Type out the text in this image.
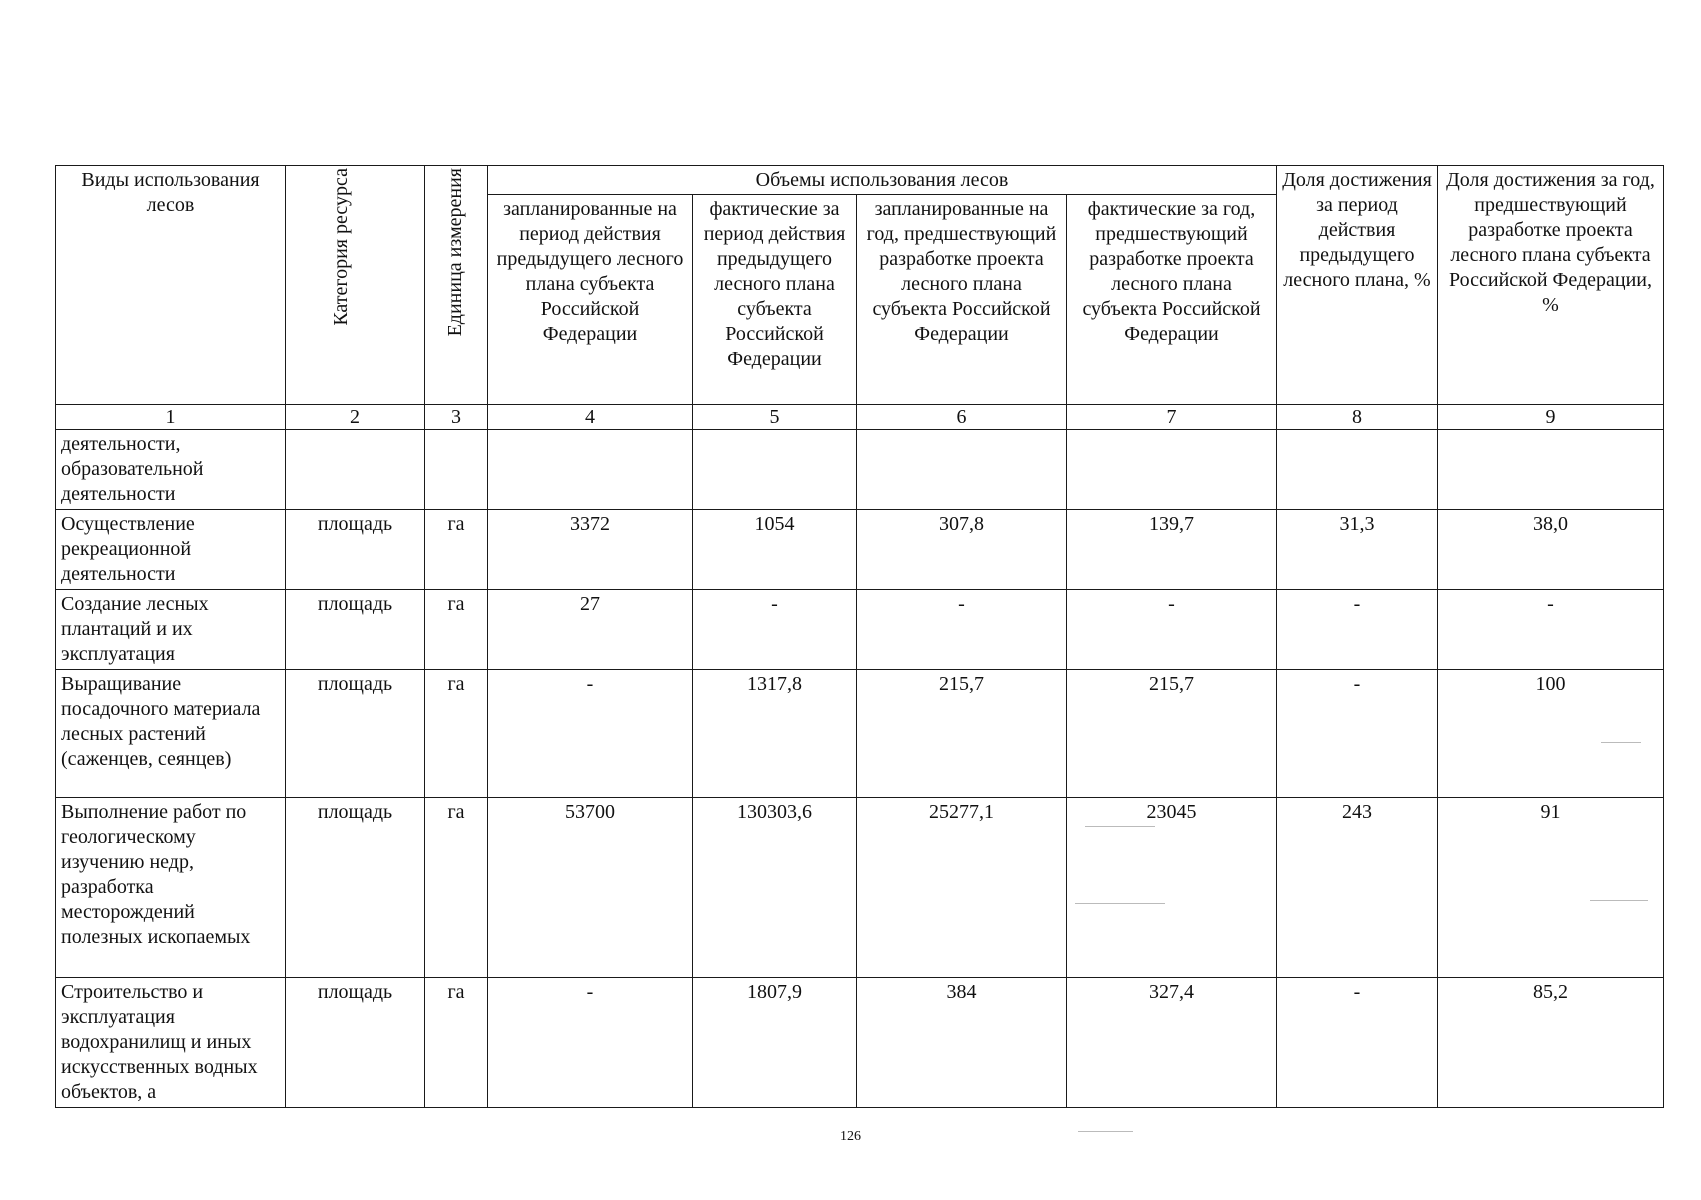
Виды использования лесов	Категория ресурса	Единица измерения	Объемы использования лесов				Доля достижения за период действия предыдущего лесного плана, %	Доля достижения за год, предшествующий разработке проекта лесного плана субъекта Российской Федерации, %
			запланированные на период действия предыдущего лесного плана субъекта Российской Федерации	фактические за период действия предыдущего лесного плана субъекта Российской Федерации	запланированные на год, предшествующий разработке проекта лесного плана субъекта Российской Федерации	фактические за год, предшествующий разработке проекта лесного плана субъекта Российской Федерации		
1	2	3	4	5	6	7	8	9
деятельности, образовательной деятельности								
Осуществление рекреационной деятельности	площадь	га	3372	1054	307,8	139,7	31,3	38,0
Создание лесных плантаций и их эксплуатация	площадь	га	27	-	-	-	-	-
Выращивание посадочного материала лесных растений (саженцев, сеянцев)	площадь	га	-	1317,8	215,7	215,7	-	100
Выполнение работ по геологическому изучению недр, разработка месторождений полезных ископаемых	площадь	га	53700	130303,6	25277,1	23045	243	91
Строительство и эксплуатация водохранилищ и иных искусственных водных объектов, а	площадь	га	-	1807,9	384	327,4	-	85,2
126
